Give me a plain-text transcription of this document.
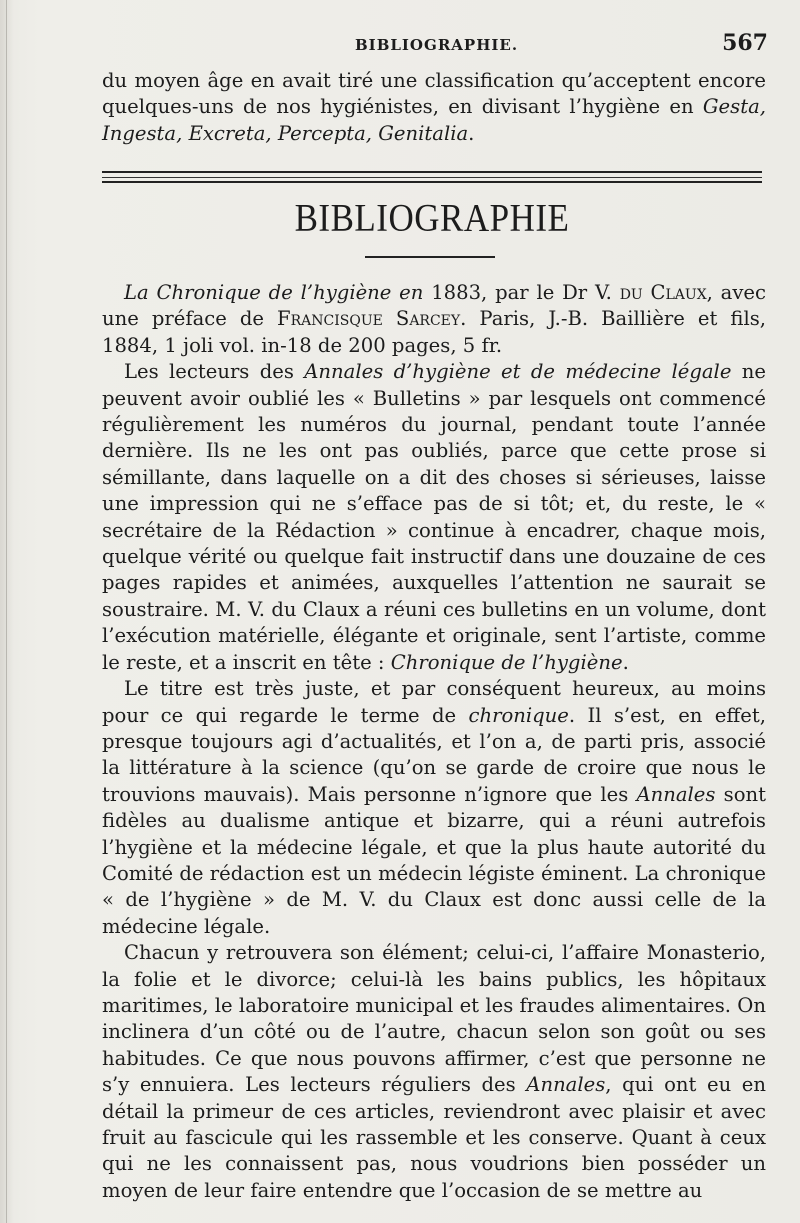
BIBLIOGRAPHIE.	567
du moyen âge en avait tiré une classification qu’acceptent encore quelques-uns de nos hygiénistes, en divisant l’hygiène en Gesta, Ingesta, Excreta, Percepta, Genitalia.
BIBLIOGRAPHIE

La Chronique de l’hygiène en 1883, par le Dr V. du Claux, avec une préface de Francisque Sarcey. Paris, J.-B. Baillière et fils, 1884, 1 joli vol. in-18 de 200 pages, 5 fr.

Les lecteurs des Annales d’hygiène et de médecine légale ne peuvent avoir oublié les « Bulletins » par lesquels ont commencé régulièrement les numéros du journal, pendant toute l’année dernière. Ils ne les ont pas oubliés, parce que cette prose si sémillante, dans laquelle on a dit des choses si sérieuses, laisse une impression qui ne s’efface pas de si tôt; et, du reste, le « secrétaire de la Rédaction » continue à encadrer, chaque mois, quelque vérité ou quelque fait instructif dans une douzaine de ces pages rapides et animées, auxquelles l’attention ne saurait se soustraire. M. V. du Claux a réuni ces bulletins en un volume, dont l’exécution matérielle, élégante et originale, sent l’artiste, comme le reste, et a inscrit en tête : Chronique de l’hygiène.

Le titre est très juste, et par conséquent heureux, au moins pour ce qui regarde le terme de chronique. Il s’est, en effet, presque toujours agi d’actualités, et l’on a, de parti pris, associé la littérature à la science (qu’on se garde de croire que nous le trouvions mauvais). Mais personne n’ignore que les Annales sont fidèles au dualisme antique et bizarre, qui a réuni autrefois l’hygiène et la médecine légale, et que la plus haute autorité du Comité de rédaction est un médecin légiste éminent. La chronique « de l’hygiène » de M. V. du Claux est donc aussi celle de la médecine légale.

Chacun y retrouvera son élément; celui-ci, l’affaire Monasterio, la folie et le divorce; celui-là les bains publics, les hôpitaux maritimes, le laboratoire municipal et les fraudes alimentaires. On inclinera d’un côté ou de l’autre, chacun selon son goût ou ses habitudes. Ce que nous pouvons affirmer, c’est que personne ne s’y ennuiera. Les lecteurs réguliers des Annales, qui ont eu en détail la primeur de ces articles, reviendront avec plaisir et avec fruit au fascicule qui les rassemble et les conserve. Quant à ceux qui ne les connaissent pas, nous voudrions bien posséder un moyen de leur faire entendre que l’occasion de se mettre au
